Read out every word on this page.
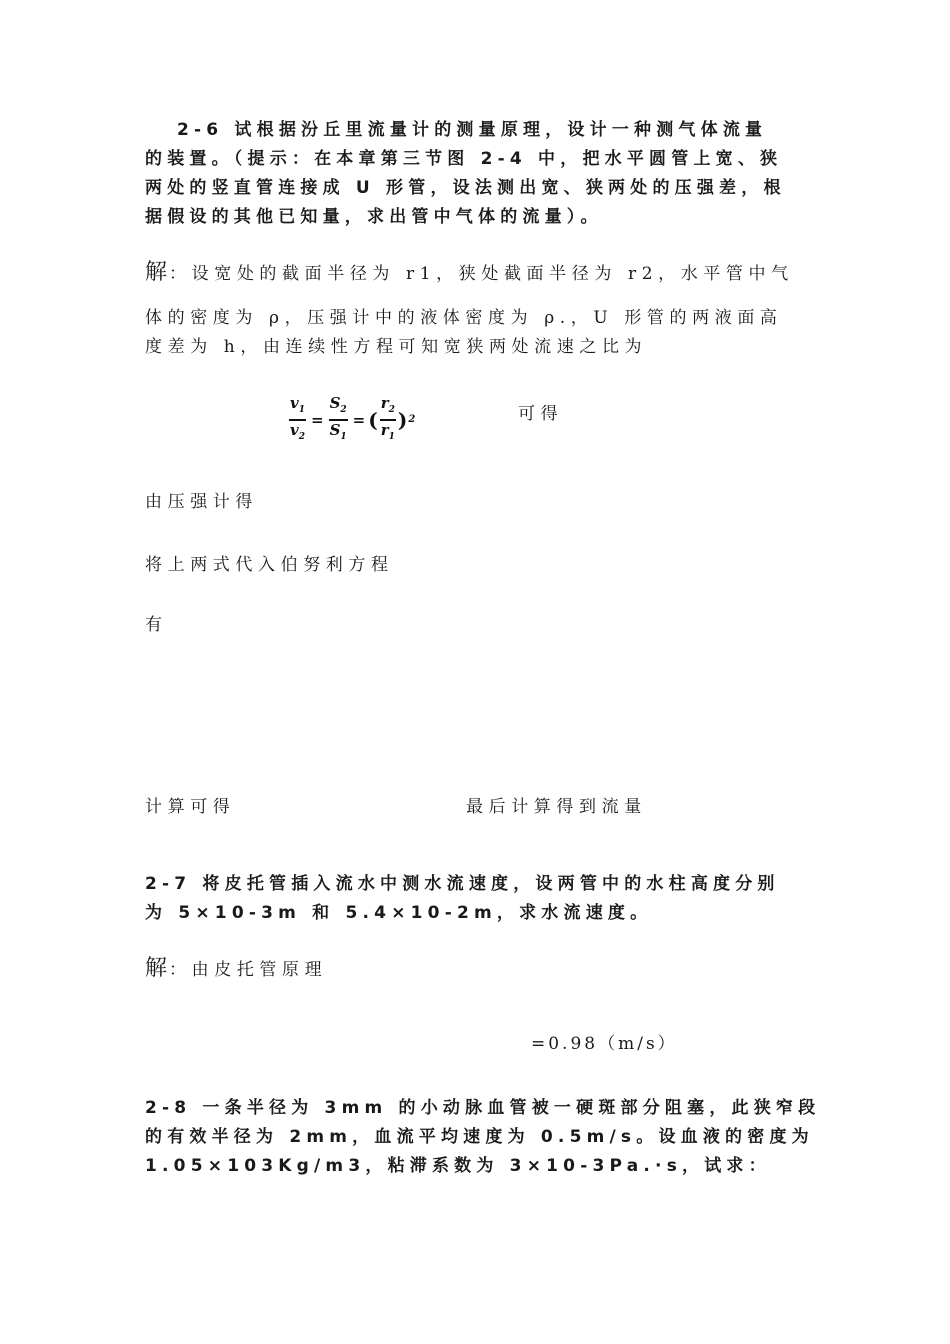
2-6 试根据汾丘里流量计的测量原理，设计一种测气体流量
的装置。（提示：在本章第三节图 2-4 中，把水平圆管上宽、狭
两处的竖直管连接成 U 形管，设法测出宽、狭两处的压强差，根
据假设的其他已知量，求出管中气体的流量）。
解：设宽处的截面半径为 r1，狭处截面半径为 r2，水平管中气
体的密度为 ρ，压强计中的液体密度为 ρ.，U 形管的两液面高
度差为 h，由连续性方程可知宽狭两处流速之比为
$\frac{v_1}{v_2} = \frac{S_2}{S_1}$ = ( $\frac{r_2}{r_1}$ ) 2	可得
由压强计得
将上两式代入伯努利方程
有
计算可得	最后计算得到流量
2-7 将皮托管插入流水中测水流速度，设两管中的水柱高度分别
为 5×10-3m 和 5.4×10-2m，求水流速度。
解：由皮托管原理
=0.98（m/s）
2-8 一条半径为 3mm 的小动脉血管被一硬斑部分阻塞，此狭窄段
的有效半径为 2mm，血流平均速度为 0.5m/s。设血液的密度为
1.05×103Kg/m3，粘滞系数为 3×10-3Pa.·s，试求：
